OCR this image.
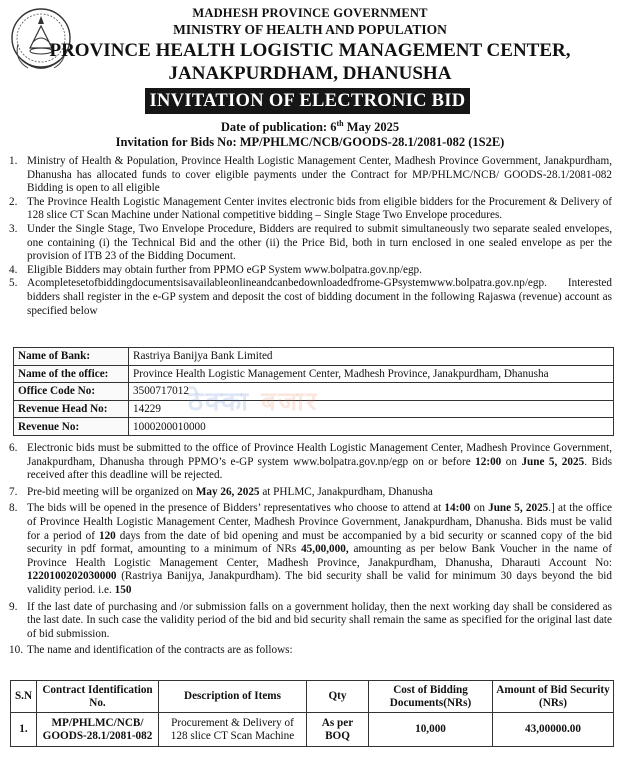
MADHESH PROVINCE GOVERNMENT
MINISTRY OF HEALTH AND POPULATION
PROVINCE HEALTH LOGISTIC MANAGEMENT CENTER,
JANAKPURDHAM, DHANUSHA
INVITATION OF ELECTRONIC BID
Date of publication: 6th May 2025
Invitation for Bids No: MP/PHLMC/NCB/GOODS-28.1/2081-082 (1S2E)
1. Ministry of Health & Population, Province Health Logistic Management Center, Madhesh Province Government, Janakpurdham, Dhanusha has allocated funds to cover eligible payments under the Contract for MP/PHLMC/NCB/ GOODS-28.1/2081-082 Bidding is open to all eligible
2. The Province Health Logistic Management Center invites electronic bids from eligible bidders for the Procurement & Delivery of 128 slice CT Scan Machine under National competitive bidding – Single Stage Two Envelope procedures.
3. Under the Single Stage, Two Envelope Procedure, Bidders are required to submit simultaneously two separate sealed envelopes, one containing (i) the Technical Bid and the other (ii) the Price Bid, both in turn enclosed in one sealed envelope as per the provision of ITB 23 of the Bidding Document.
4. Eligible Bidders may obtain further from PPMO eGP System www.bolpatra.gov.np/egp.
5. Acompletesetofbiddingdocumentsisavailableonlineandcanbedownloadedfrome-GPsystemwww.bolpatra.gov.np/egp. Interested bidders shall register in the e-GP system and deposit the cost of bidding document in the following Rajaswa (revenue) account as specified below
Name of Bank:	Rastriya Banijya Bank Limited
Name of the office:	Province Health Logistic Management Center, Madhesh Province, Janakpurdham, Dhanusha
Office Code No:	3500717012
Revenue Head No:	14229
Revenue No:	1000200010000
ठेक्का बजार
6. Electronic bids must be submitted to the office of Province Health Logistic Management Center, Madhesh Province Government, Janakpurdham, Dhanusha through PPMO’s e-GP system www.bolpatra.gov.np/egp on or before 12:00 on June 5, 2025. Bids received after this deadline will be rejected.
7. Pre-bid meeting will be organized on May 26, 2025 at PHLMC, Janakpurdham, Dhanusha
8. The bids will be opened in the presence of Bidders’ representatives who choose to attend at 14:00 on June 5, 2025.] at the office of Province Health Logistic Management Center, Madhesh Province Government, Janakpurdham, Dhanusha. Bids must be valid for a period of 120 days from the date of bid opening and must be accompanied by a bid security or scanned copy of the bid security in pdf format, amounting to a minimum of NRs 45,00,000, amounting as per below Bank Voucher in the name of Province Health Logistic Management Center, Madhesh Province, Janakpurdham, Dhanusha, Dharauti Account No: 1220100202030000 (Rastriya Banijya, Janakpurdham). The bid security shall be valid for minimum 30 days beyond the bid validity period. i.e. 150
9. If the last date of purchasing and /or submission falls on a government holiday, then the next working day shall be considered as the last date. In such case the validity period of the bid and bid security shall remain the same as specified for the original last date of bid submission.
10. The name and identification of the contracts are as follows:
S.N	Contract Identification No.	Description of Items	Qty	Cost of Bidding Documents(NRs)	Amount of Bid Security (NRs)
1.	MP/PHLMC/NCB/ GOODS-28.1/2081-082	Procurement & Delivery of 128 slice CT Scan Machine	As per BOQ	10,000	43,00000.00
